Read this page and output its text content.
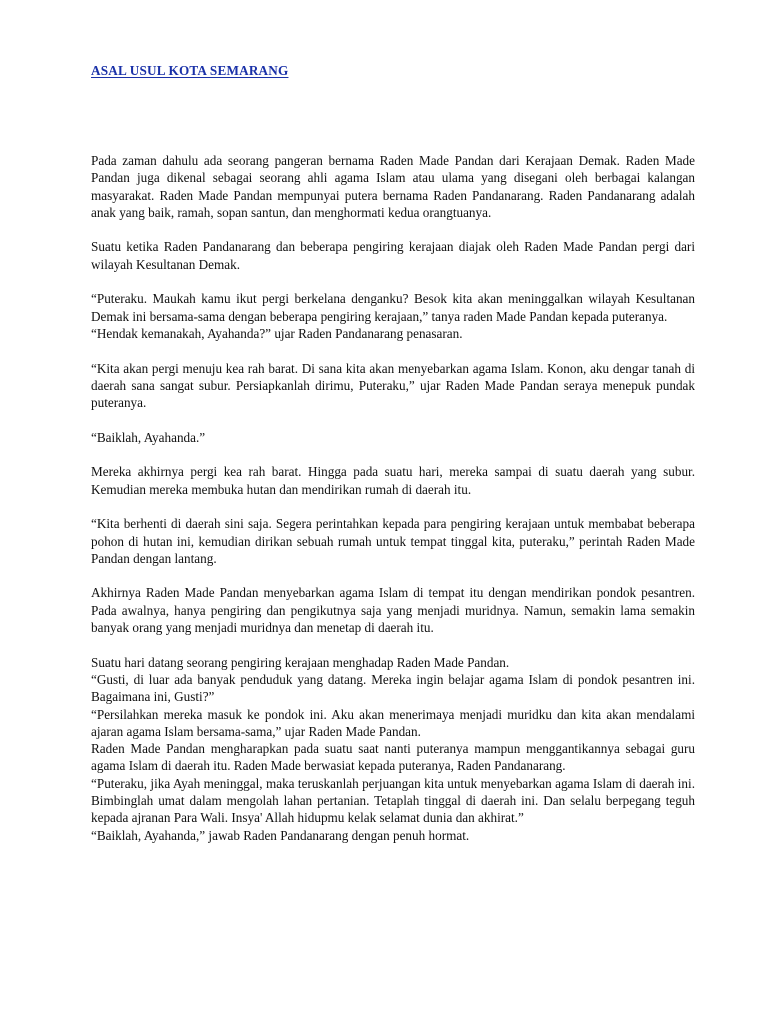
ASAL USUL KOTA SEMARANG

Pada zaman dahulu ada seorang pangeran bernama Raden Made Pandan dari Kerajaan Demak. Raden Made Pandan juga dikenal sebagai seorang ahli agama Islam atau ulama yang disegani oleh berbagai kalangan masyarakat. Raden Made Pandan mempunyai putera bernama Raden Pandanarang. Raden Pandanarang adalah anak yang baik, ramah, sopan santun, dan menghormati kedua orangtuanya.

Suatu ketika Raden Pandanarang dan beberapa pengiring kerajaan diajak oleh Raden Made Pandan pergi dari wilayah Kesultanan Demak.

“Puteraku. Maukah kamu ikut pergi berkelana denganku? Besok kita akan meninggalkan wilayah Kesultanan Demak ini bersama-sama dengan beberapa pengiring kerajaan,” tanya raden Made Pandan kepada puteranya.

“Hendak kemanakah, Ayahanda?” ujar Raden Pandanarang penasaran.

“Kita akan pergi menuju kea rah barat. Di sana kita akan menyebarkan agama Islam. Konon, aku dengar tanah di daerah sana sangat subur. Persiapkanlah dirimu, Puteraku,” ujar Raden Made Pandan seraya menepuk pundak puteranya.

“Baiklah, Ayahanda.”

Mereka akhirnya pergi kea rah barat. Hingga pada suatu hari, mereka sampai di suatu daerah yang subur. Kemudian mereka membuka hutan dan mendirikan rumah di daerah itu.

“Kita berhenti di daerah sini saja. Segera perintahkan kepada para pengiring kerajaan untuk membabat beberapa pohon di hutan ini, kemudian dirikan sebuah rumah untuk tempat tinggal kita, puteraku,” perintah Raden Made Pandan dengan lantang.

Akhirnya Raden Made Pandan menyebarkan agama Islam di tempat itu dengan mendirikan pondok pesantren. Pada awalnya, hanya pengiring dan pengikutnya saja yang menjadi muridnya. Namun, semakin lama semakin banyak orang yang menjadi muridnya dan menetap di daerah itu.

Suatu hari datang seorang pengiring kerajaan menghadap Raden Made Pandan.

“Gusti, di luar ada banyak penduduk yang datang. Mereka ingin belajar agama Islam di pondok pesantren ini. Bagaimana ini, Gusti?”

“Persilahkan mereka masuk ke pondok ini. Aku akan menerimaya menjadi muridku dan kita akan mendalami ajaran agama Islam bersama-sama,” ujar Raden Made Pandan.

Raden Made Pandan mengharapkan pada suatu saat nanti puteranya mampun menggantikannya sebagai guru agama Islam di daerah itu. Raden Made berwasiat kepada puteranya, Raden Pandanarang.

“Puteraku, jika Ayah meninggal, maka teruskanlah perjuangan kita untuk menyebarkan agama Islam di daerah ini. Bimbinglah umat dalam mengolah lahan pertanian. Tetaplah tinggal di daerah ini. Dan selalu berpegang teguh kepada ajranan Para Wali. Insya' Allah hidupmu kelak selamat dunia dan akhirat.”

“Baiklah, Ayahanda,” jawab Raden Pandanarang dengan penuh hormat.
